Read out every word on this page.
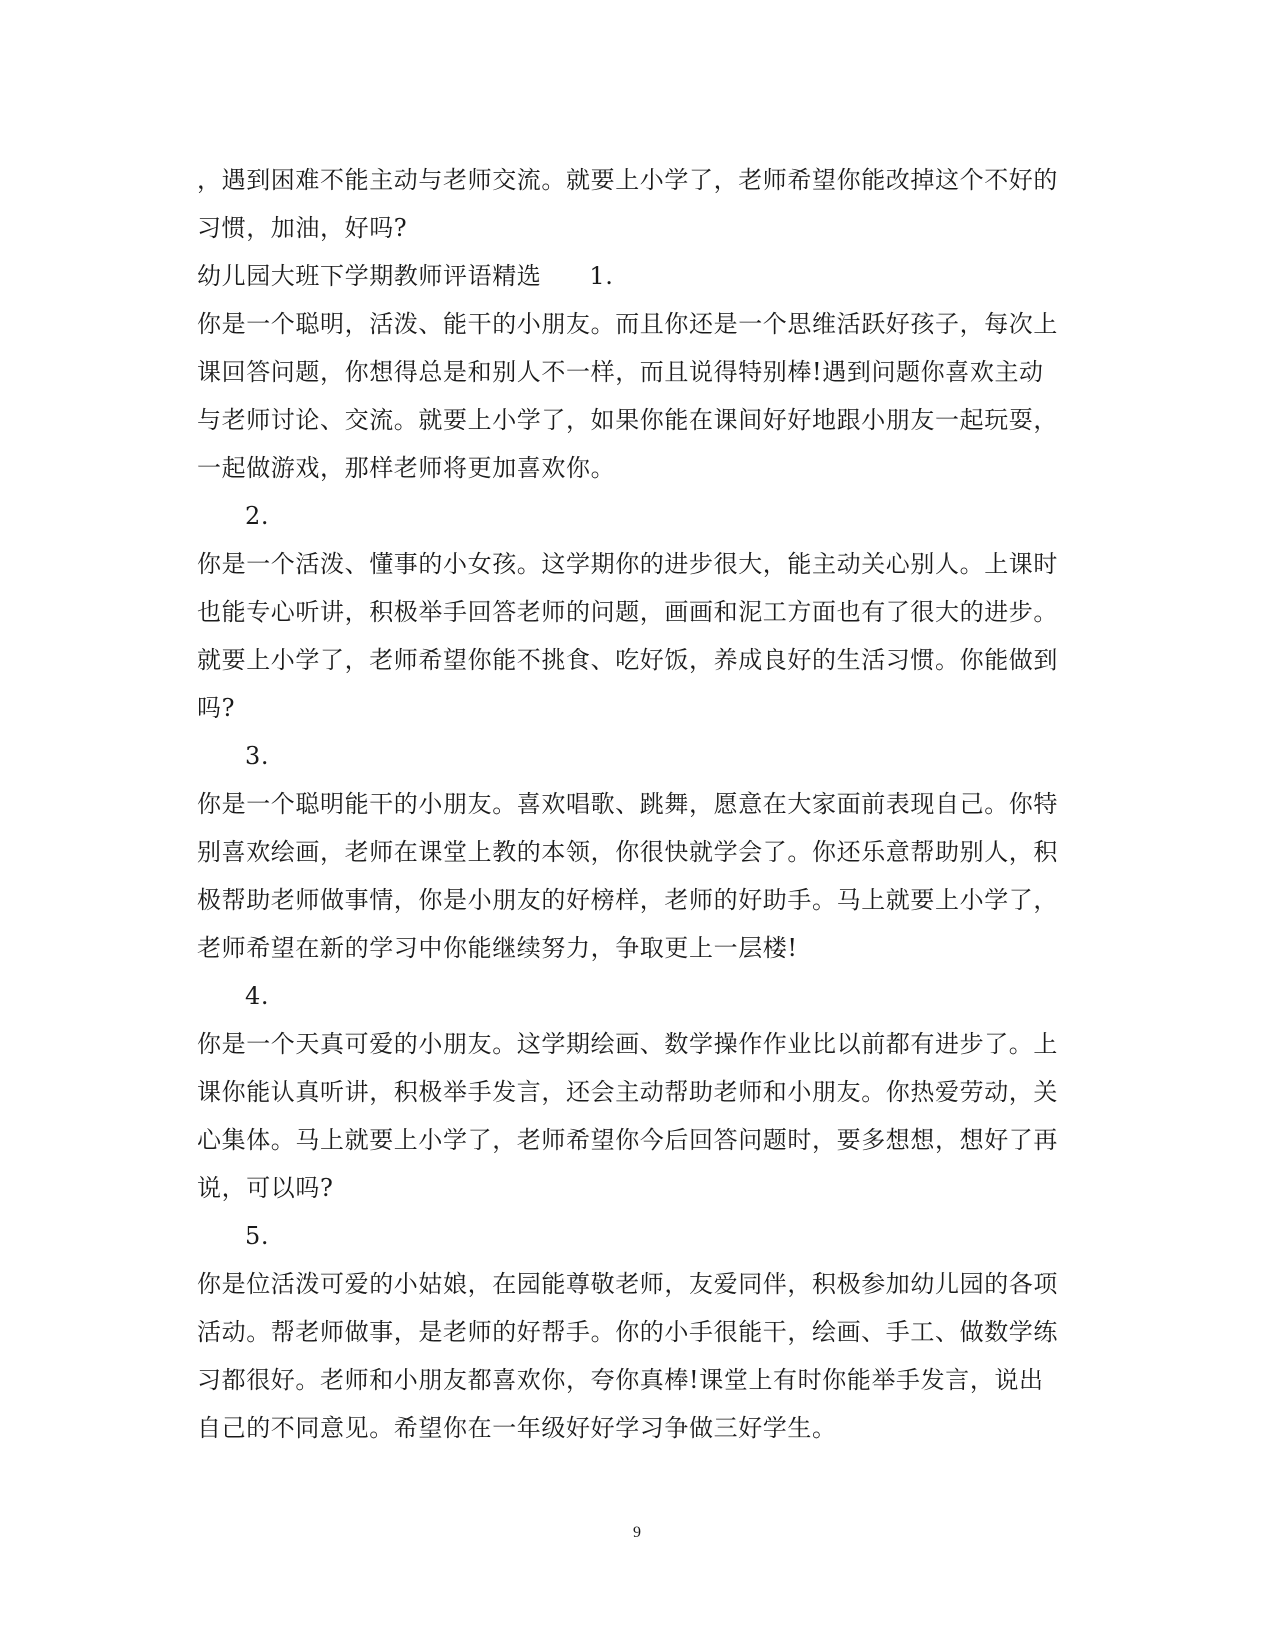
，遇到困难不能主动与老师交流。就要上小学了，老师希望你能改掉这个不好的
习惯，加油，好吗?
幼儿园大班下学期教师评语精选 1.
你是一个聪明，活泼、能干的小朋友。而且你还是一个思维活跃好孩子，每次上
课回答问题，你想得总是和别人不一样，而且说得特别棒!遇到问题你喜欢主动
与老师讨论、交流。就要上小学了，如果你能在课间好好地跟小朋友一起玩耍，
一起做游戏，那样老师将更加喜欢你。
2.
你是一个活泼、懂事的小女孩。这学期你的进步很大，能主动关心别人。上课时
也能专心听讲，积极举手回答老师的问题，画画和泥工方面也有了很大的进步。
就要上小学了，老师希望你能不挑食、吃好饭，养成良好的生活习惯。你能做到
吗?
3.
你是一个聪明能干的小朋友。喜欢唱歌、跳舞，愿意在大家面前表现自己。你特
别喜欢绘画，老师在课堂上教的本领，你很快就学会了。你还乐意帮助别人，积
极帮助老师做事情，你是小朋友的好榜样，老师的好助手。马上就要上小学了，
老师希望在新的学习中你能继续努力，争取更上一层楼!
4.
你是一个天真可爱的小朋友。这学期绘画、数学操作作业比以前都有进步了。上
课你能认真听讲，积极举手发言，还会主动帮助老师和小朋友。你热爱劳动，关
心集体。马上就要上小学了，老师希望你今后回答问题时，要多想想，想好了再
说，可以吗?
5.
你是位活泼可爱的小姑娘，在园能尊敬老师，友爱同伴，积极参加幼儿园的各项
活动。帮老师做事，是老师的好帮手。你的小手很能干，绘画、手工、做数学练
习都很好。老师和小朋友都喜欢你，夸你真棒!课堂上有时你能举手发言，说出
自己的不同意见。希望你在一年级好好学习争做三好学生。
9
